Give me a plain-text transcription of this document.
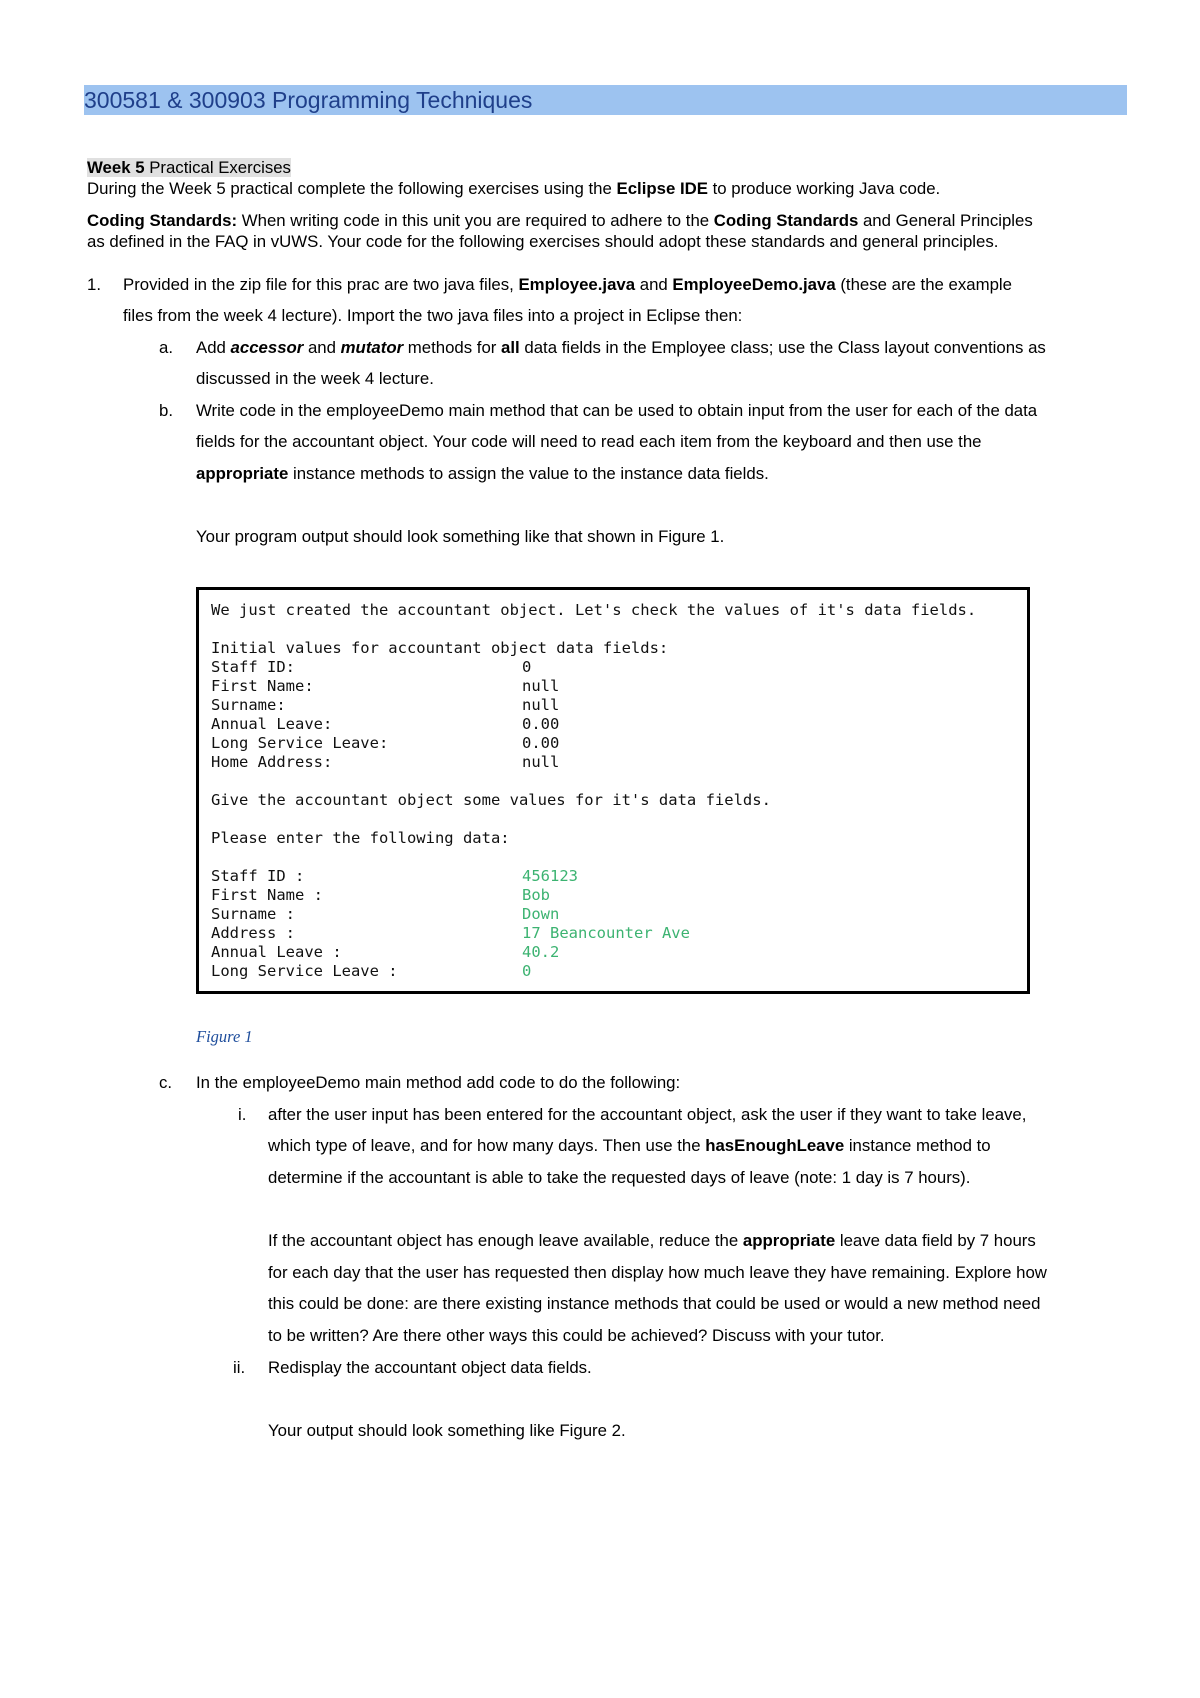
300581 & 300903 Programming Techniques
Week 5 Practical Exercises
During the Week 5 practical complete the following exercises using the Eclipse IDE to produce working Java code.
Coding Standards: When writing code in this unit you are required to adhere to the Coding Standards and General Principles
as defined in the FAQ in vUWS. Your code for the following exercises should adopt these standards and general principles.
1. Provided in the zip file for this prac are two java files, Employee.java and EmployeeDemo.java (these are the example
files from the week 4 lecture). Import the two java files into a project in Eclipse then:
a. Add accessor and mutator methods for all data fields in the Employee class; use the Class layout conventions as
discussed in the week 4 lecture.
b. Write code in the employeeDemo main method that can be used to obtain input from the user for each of the data
fields for the accountant object. Your code will need to read each item from the keyboard and then use the
appropriate instance methods to assign the value to the instance data fields.
Your program output should look something like that shown in Figure 1.
We just created the accountant object. Let's check the values of it's data fields.
Initial values for accountant object data fields:
Staff ID:	0
First Name:	null
Surname:	null
Annual Leave:	0.00
Long Service Leave:	0.00
Home Address:	null
Give the accountant object some values for it's data fields.
Please enter the following data:
Staff ID :	456123
First Name :	Bob
Surname :	Down
Address :	17 Beancounter Ave
Annual Leave :	40.2
Long Service Leave :	0
Figure 1
c. In the employeeDemo main method add code to do the following:
i. after the user input has been entered for the accountant object, ask the user if they want to take leave,
which type of leave, and for how many days. Then use the hasEnoughLeave instance method to
determine if the accountant is able to take the requested days of leave (note: 1 day is 7 hours).
If the accountant object has enough leave available, reduce the appropriate leave data field by 7 hours
for each day that the user has requested then display how much leave they have remaining. Explore how
this could be done: are there existing instance methods that could be used or would a new method need
to be written? Are there other ways this could be achieved? Discuss with your tutor.
ii. Redisplay the accountant object data fields.
Your output should look something like Figure 2.
